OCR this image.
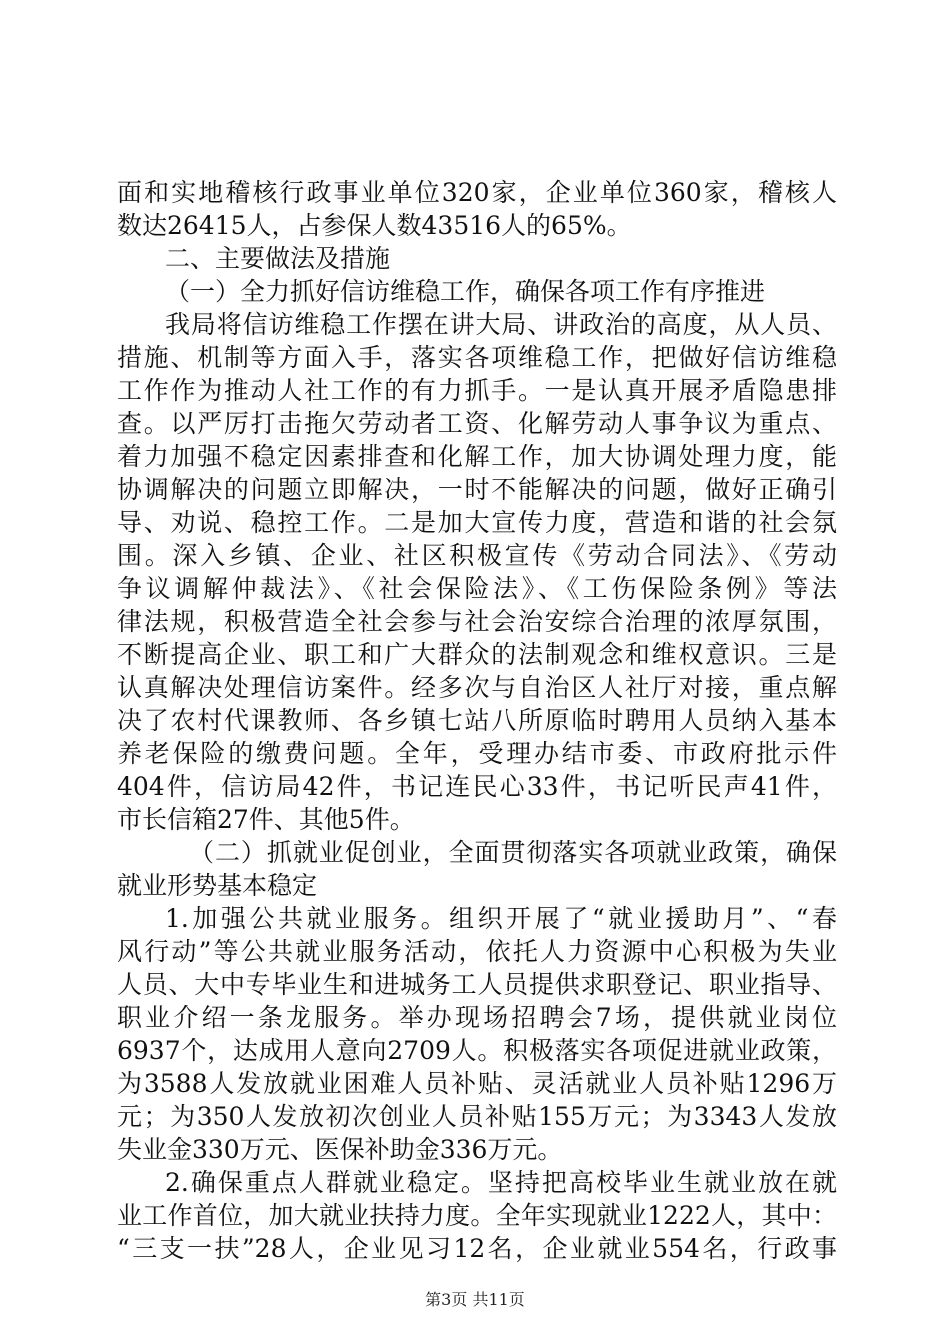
面和实地稽核行政事业单位320家，企业单位360家，稽核人
数达26415人，占参保人数43516人的65%。
二、主要做法及措施
（一）全力抓好信访维稳工作，确保各项工作有序推进
我局将信访维稳工作摆在讲大局、讲政治的高度，从人员、
措施、机制等方面入手，落实各项维稳工作，把做好信访维稳
工作作为推动人社工作的有力抓手。一是认真开展矛盾隐患排
查。以严厉打击拖欠劳动者工资、化解劳动人事争议为重点、
着力加强不稳定因素排查和化解工作，加大协调处理力度，能
协调解决的问题立即解决，一时不能解决的问题，做好正确引
导、劝说、稳控工作。二是加大宣传力度，营造和谐的社会氛
围。深入乡镇、企业、社区积极宣传《劳动合同法》、《劳动
争议调解仲裁法》、《社会保险法》、《工伤保险条例》等法
律法规，积极营造全社会参与社会治安综合治理的浓厚氛围，
不断提高企业、职工和广大群众的法制观念和维权意识。三是
认真解决处理信访案件。经多次与自治区人社厅对接，重点解
决了农村代课教师、各乡镇七站八所原临时聘用人员纳入基本
养老保险的缴费问题。全年，受理办结市委、市政府批示件
404件，信访局42件，书记连民心33件，书记听民声41件，
市长信箱27件、其他5件。
（二）抓就业促创业，全面贯彻落实各项就业政策，确保
就业形势基本稳定
1.加强公共就业服务。组织开展了“就业援助月”、“春
风行动”等公共就业服务活动，依托人力资源中心积极为失业
人员、大中专毕业生和进城务工人员提供求职登记、职业指导、
职业介绍一条龙服务。举办现场招聘会7场，提供就业岗位
6937个，达成用人意向2709人。积极落实各项促进就业政策，
为3588人发放就业困难人员补贴、灵活就业人员补贴1296万
元；为350人发放初次创业人员补贴155万元；为3343人发放
失业金330万元、医保补助金336万元。
2.确保重点人群就业稳定。坚持把高校毕业生就业放在就
业工作首位，加大就业扶持力度。全年实现就业1222人，其中：
“三支一扶”28人，企业见习12名，企业就业554名，行政事
第3页 共11页
